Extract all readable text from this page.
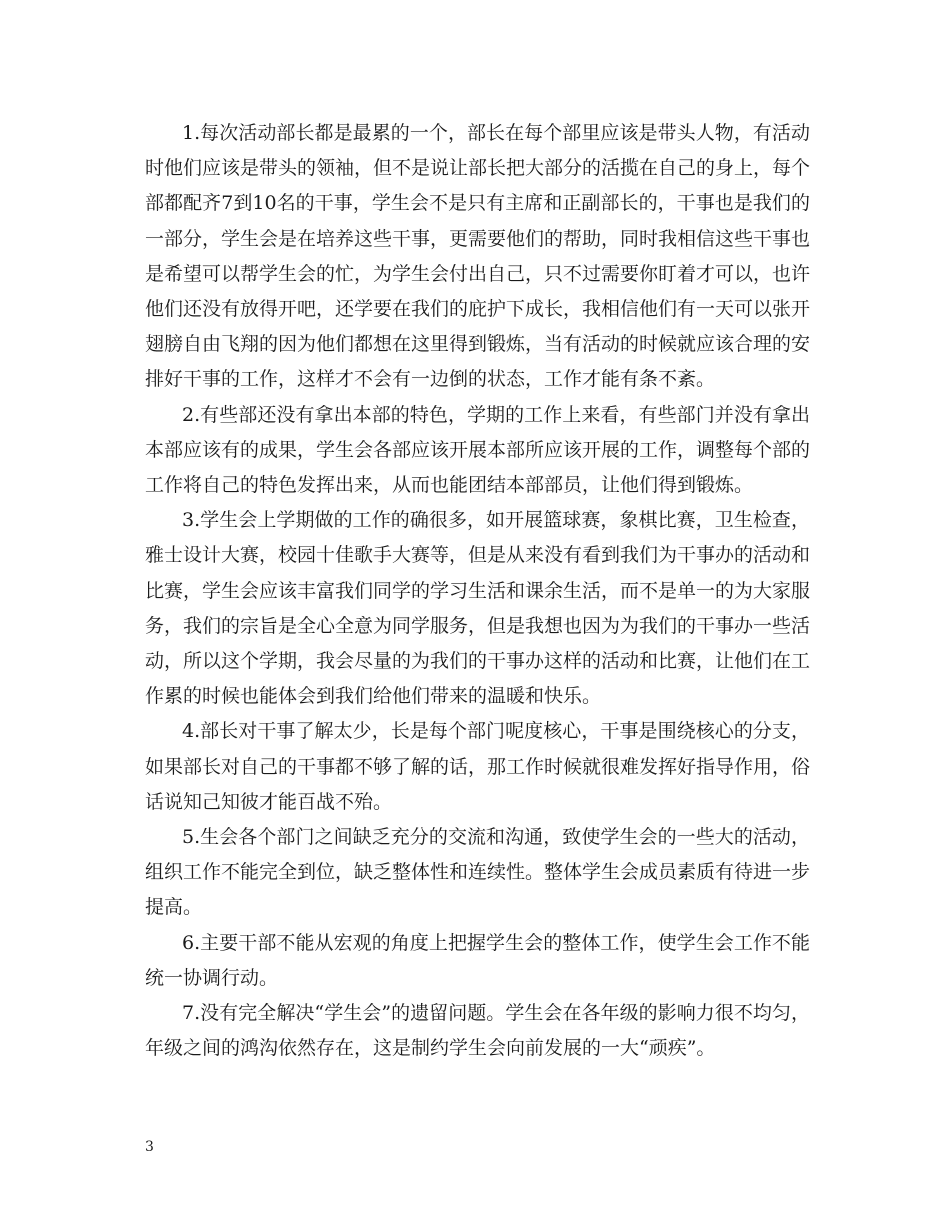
1.每次活动部长都是最累的一个，部长在每个部里应该是带头人物，有活动时他们应该是带头的领袖，但不是说让部长把大部分的活揽在自己的身上，每个部都配齐7到10名的干事，学生会不是只有主席和正副部长的，干事也是我们的一部分，学生会是在培养这些干事，更需要他们的帮助，同时我相信这些干事也是希望可以帮学生会的忙，为学生会付出自己，只不过需要你盯着才可以，也许他们还没有放得开吧，还学要在我们的庇护下成长，我相信他们有一天可以张开翅膀自由飞翔的因为他们都想在这里得到锻炼，当有活动的时候就应该合理的安排好干事的工作，这样才不会有一边倒的状态，工作才能有条不紊。

2.有些部还没有拿出本部的特色，学期的工作上来看，有些部门并没有拿出本部应该有的成果，学生会各部应该开展本部所应该开展的工作，调整每个部的工作将自己的特色发挥出来，从而也能团结本部部员，让他们得到锻炼。

3.学生会上学期做的工作的确很多，如开展篮球赛，象棋比赛，卫生检查，雅士设计大赛，校园十佳歌手大赛等，但是从来没有看到我们为干事办的活动和比赛，学生会应该丰富我们同学的学习生活和课余生活，而不是单一的为大家服务，我们的宗旨是全心全意为同学服务，但是我想也因为为我们的干事办一些活动，所以这个学期，我会尽量的为我们的干事办这样的活动和比赛，让他们在工作累的时候也能体会到我们给他们带来的温暖和快乐。

4.部长对干事了解太少，长是每个部门呢度核心，干事是围绕核心的分支，如果部长对自己的干事都不够了解的话，那工作时候就很难发挥好指导作用，俗话说知己知彼才能百战不殆。

5.生会各个部门之间缺乏充分的交流和沟通，致使学生会的一些大的活动，组织工作不能完全到位，缺乏整体性和连续性。整体学生会成员素质有待进一步提高。

6.主要干部不能从宏观的角度上把握学生会的整体工作，使学生会工作不能统一协调行动。

7.没有完全解决“学生会”的遗留问题。学生会在各年级的影响力很不均匀，年级之间的鸿沟依然存在，这是制约学生会向前发展的一大“顽疾”。

3
